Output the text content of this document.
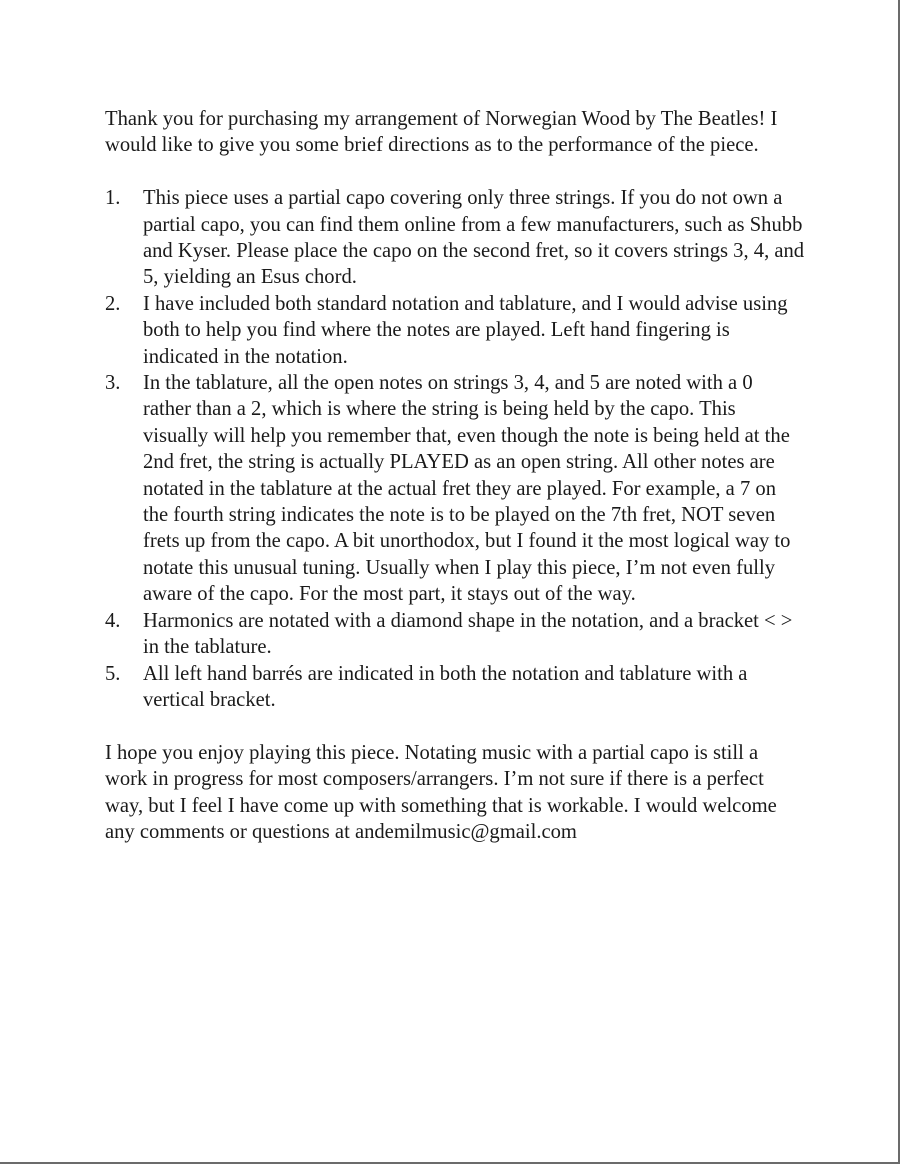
Thank you for purchasing my arrangement of Norwegian Wood by The Beatles! I would like to give you some brief directions as to the performance of the piece.

1. This piece uses a partial capo covering only three strings. If you do not own a partial capo, you can find them online from a few manufacturers, such as Shubb and Kyser. Please place the capo on the second fret, so it covers strings 3, 4, and 5, yielding an Esus chord.
2. I have included both standard notation and tablature, and I would advise using both to help you find where the notes are played. Left hand fingering is indicated in the notation.
3. In the tablature, all the open notes on strings 3, 4, and 5 are noted with a 0 rather than a 2, which is where the string is being held by the capo. This visually will help you remember that, even though the note is being held at the 2nd fret, the string is actually PLAYED as an open string. All other notes are notated in the tablature at the actual fret they are played. For example, a 7 on the fourth string indicates the note is to be played on the 7th fret, NOT seven frets up from the capo. A bit unorthodox, but I found it the most logical way to notate this unusual tuning. Usually when I play this piece, I’m not even fully aware of the capo. For the most part, it stays out of the way.
4. Harmonics are notated with a diamond shape in the notation, and a bracket < > in the tablature.
5. All left hand barrés are indicated in both the notation and tablature with a vertical bracket.

I hope you enjoy playing this piece. Notating music with a partial capo is still a work in progress for most composers/arrangers. I’m not sure if there is a perfect way, but I feel I have come up with something that is workable. I would welcome any comments or questions at andemilmusic@gmail.com
